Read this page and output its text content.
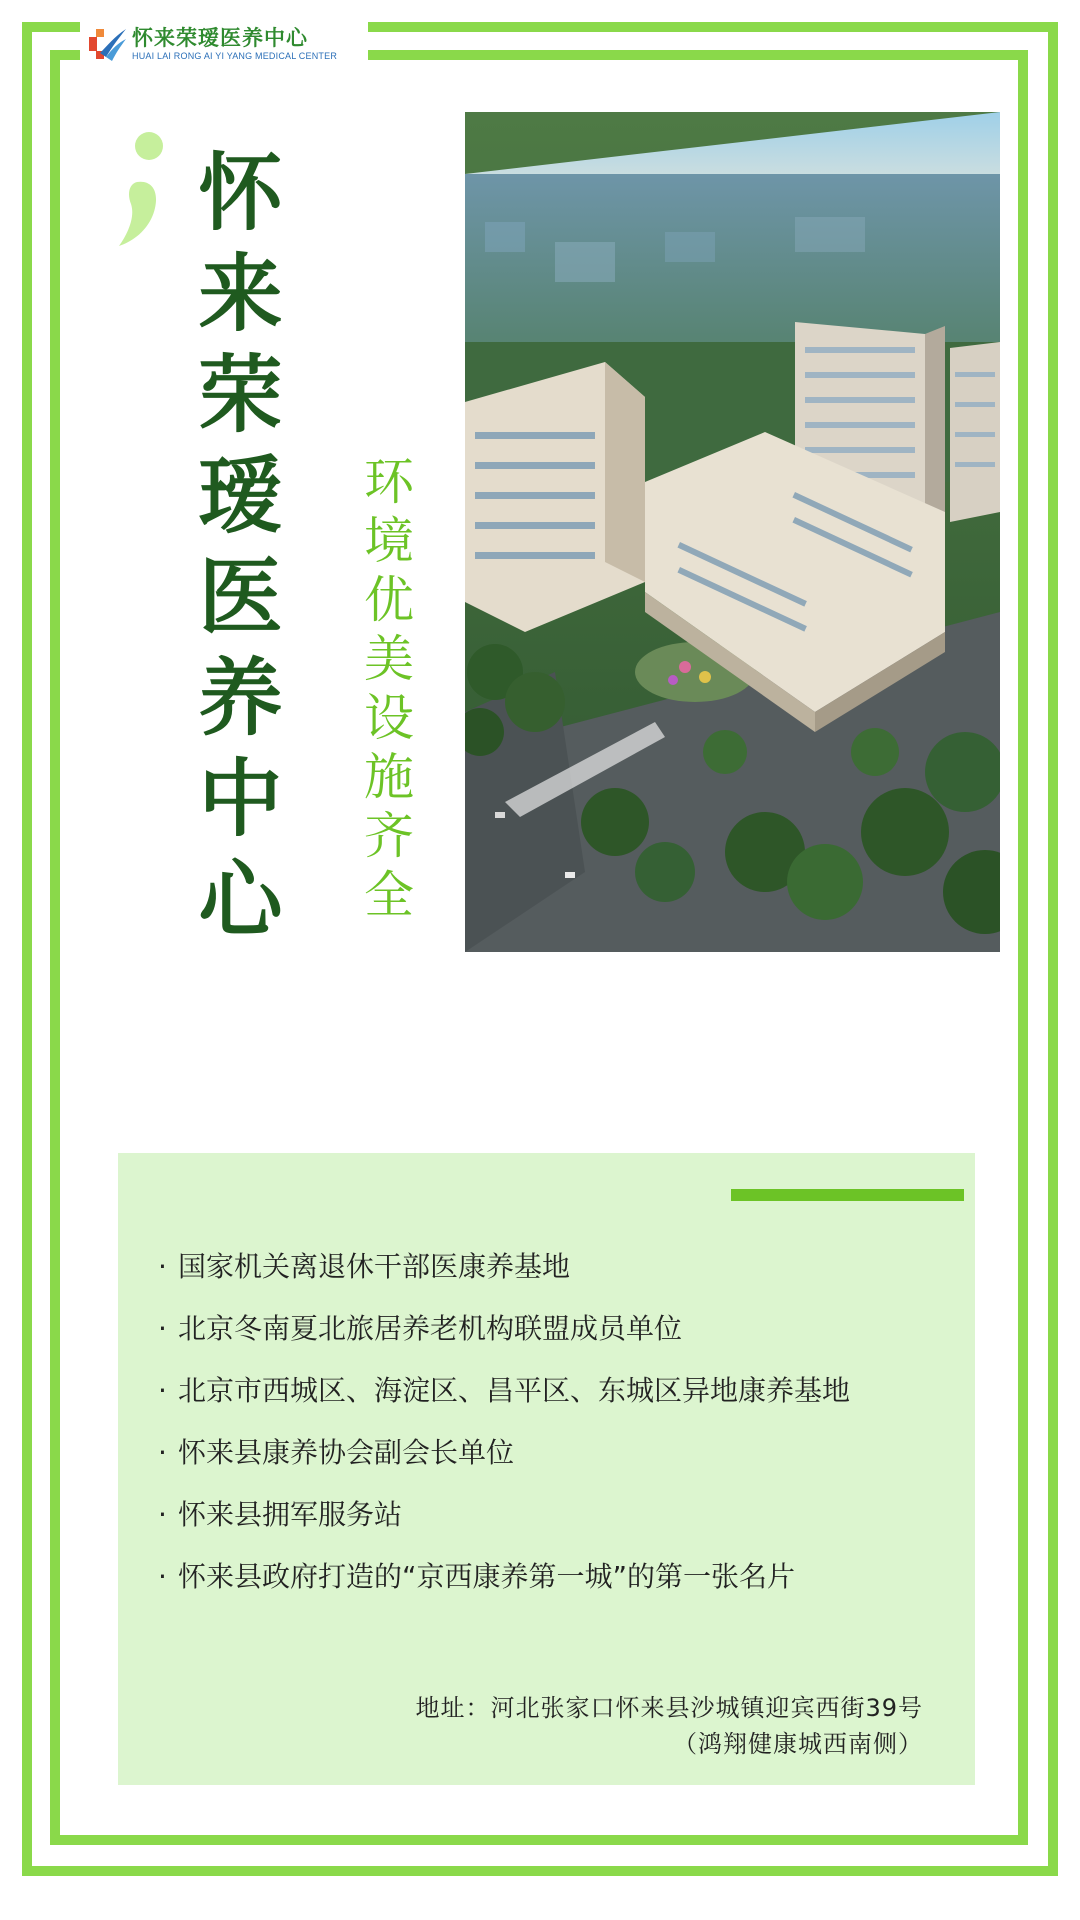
怀来荣瑷医养中心
HUAI LAI RONG AI YI YANG MEDICAL CENTER
怀来荣瑷医养中心 环境优美设施齐全
· 国家机关离退休干部医康养基地
· 北京冬南夏北旅居养老机构联盟成员单位
· 北京市西城区、海淀区、昌平区、东城区异地康养基地
· 怀来县康养协会副会长单位
· 怀来县拥军服务站
· 怀来县政府打造的“京西康养第一城”的第一张名片
地址：河北张家口怀来县沙城镇迎宾西街39号
（鸿翔健康城西南侧）
